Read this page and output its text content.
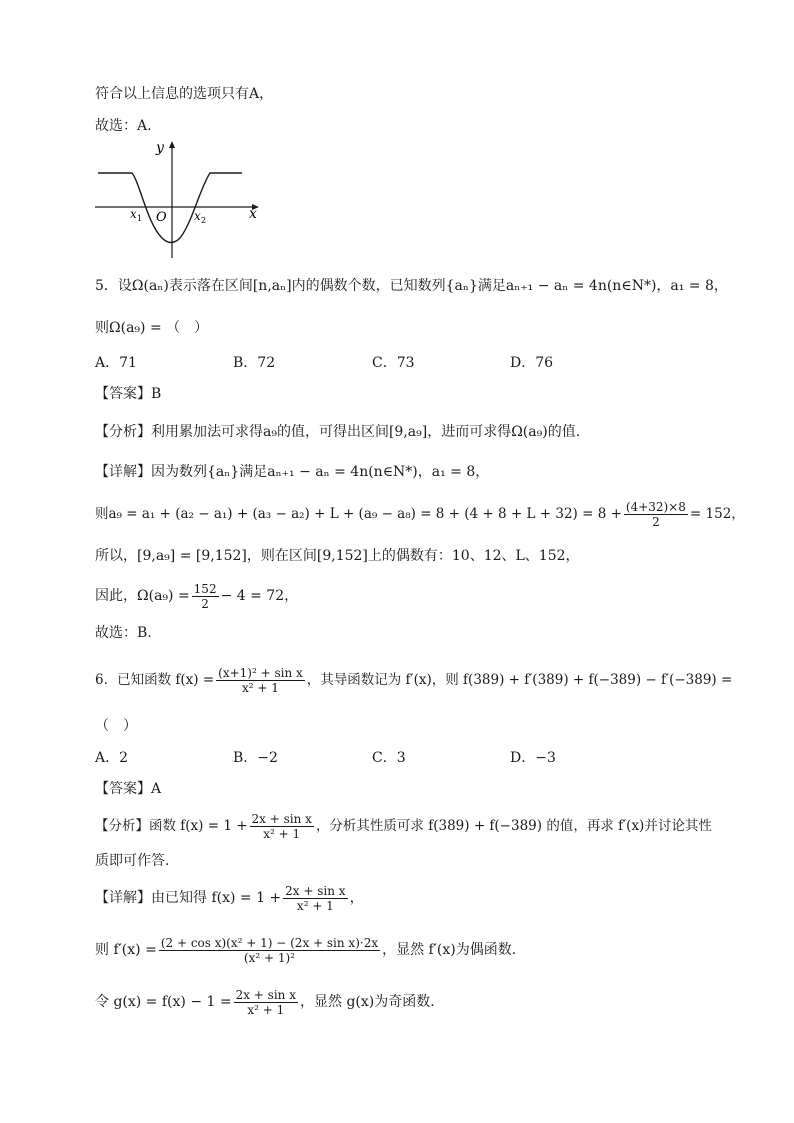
符合以上信息的选项只有A，
故选：A.
y
x
O
x 1	x 2
5．设Ω(aₙ)表示落在区间[n,aₙ]内的偶数个数，已知数列{aₙ}满足aₙ₊₁ − aₙ = 4n(n∈N*)，a₁ = 8，
则Ω(a₉) = （　）
A．71	B．72	C．73	D．76
【答案】B
【分析】利用累加法可求得a₉的值，可得出区间[9,a₉]，进而可求得Ω(a₉)的值.
【详解】因为数列{aₙ}满足aₙ₊₁ − aₙ = 4n(n∈N*)，a₁ = 8，
则$a_9 = a_1 + (a_2 - a_1) + (a_3 - a_2) + L + (a_9 - a_8) = 8 + (4 + 8 + L + 32) = 8 + \frac{(4+32)\times 8}{2} = 152$，
所以，[9,a₉] = [9,152]，则在区间[9,152]上的偶数有：10、12、L、152，
因此，$\Omega(a_9) = \frac{152}{2} - 4 = 72$，
故选：B.
6．已知函数 $f(x) = \frac{\text{(x+1)² + sin x}}{\text{x² + 1}}$ ，其导函数记为 f′(x)，则 f(389) + f′(389) + f(−389) − f′(−389) =
（　）
A．2	B．−2	C．3	D．−3
【答案】A
【分析】函数 $f(x) = 1 + \frac{\text{2x + sin x}}{\text{x² + 1}}$ ，分析其性质可求 f(389) + f(−389) 的值，再求 f′(x)并讨论其性
质即可作答.
【详解】由已知得 $f(x) = 1 + \frac{\text{2x + sin x}}{\text{x² + 1}}$ ，
则 $f'(x) = \frac{\text{(2 + cos x)(x² + 1) − (2x + sin x)·2x}}{\text{(x² + 1)²}}$ ，显然 f′(x)为偶函数.
令 $g(x) = f(x) - 1 = \frac{\text{2x + sin x}}{\text{x² + 1}}$ ，显然 g(x)为奇函数.
